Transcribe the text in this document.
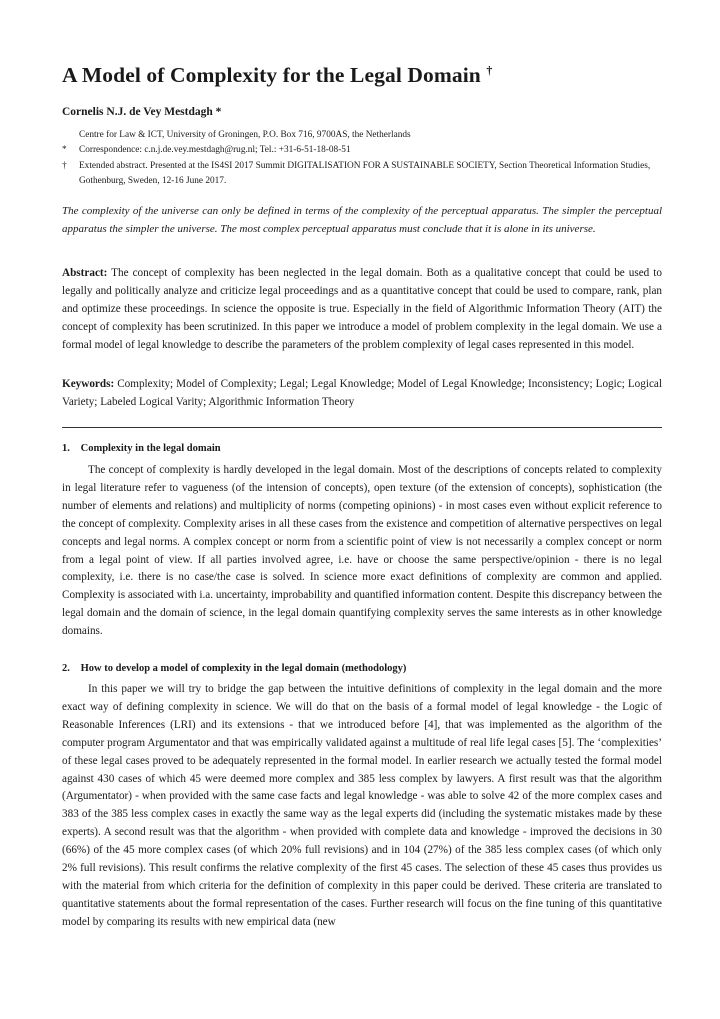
A Model of Complexity for the Legal Domain †
Cornelis N.J. de Vey Mestdagh *
Centre for Law & ICT, University of Groningen, P.O. Box 716, 9700AS, the Netherlands
*	Correspondence: c.n.j.de.vey.mestdagh@rug.nl; Tel.: +31-6-51-18-08-51
†	Extended abstract. Presented at the IS4SI 2017 Summit DIGITALISATION FOR A SUSTAINABLE SOCIETY, Section Theoretical Information Studies, Gothenburg, Sweden, 12-16 June 2017.
The complexity of the universe can only be defined in terms of the complexity of the perceptual apparatus. The simpler the perceptual apparatus the simpler the universe. The most complex perceptual apparatus must conclude that it is alone in its universe.
Abstract: The concept of complexity has been neglected in the legal domain. Both as a qualitative concept that could be used to legally and politically analyze and criticize legal proceedings and as a quantitative concept that could be used to compare, rank, plan and optimize these proceedings. In science the opposite is true. Especially in the field of Algorithmic Information Theory (AIT) the concept of complexity has been scrutinized. In this paper we introduce a model of problem complexity in the legal domain. We use a formal model of legal knowledge to describe the parameters of the problem complexity of legal cases represented in this model.
Keywords: Complexity; Model of Complexity; Legal; Legal Knowledge; Model of Legal Knowledge; Inconsistency; Logic; Logical Variety; Labeled Logical Varity; Algorithmic Information Theory
1. Complexity in the legal domain

The concept of complexity is hardly developed in the legal domain. Most of the descriptions of concepts related to complexity in legal literature refer to vagueness (of the intension of concepts), open texture (of the extension of concepts), sophistication (the number of elements and relations) and multiplicity of norms (competing opinions) - in most cases even without explicit reference to the concept of complexity. Complexity arises in all these cases from the existence and competition of alternative perspectives on legal concepts and legal norms. A complex concept or norm from a scientific point of view is not necessarily a complex concept or norm from a legal point of view. If all parties involved agree, i.e. have or choose the same perspective/opinion - there is no legal complexity, i.e. there is no case/the case is solved. In science more exact definitions of complexity are common and applied. Complexity is associated with i.a. uncertainty, improbability and quantified information content. Despite this discrepancy between the legal domain and the domain of science, in the legal domain quantifying complexity serves the same interests as in other knowledge domains.

2. How to develop a model of complexity in the legal domain (methodology)

In this paper we will try to bridge the gap between the intuitive definitions of complexity in the legal domain and the more exact way of defining complexity in science. We will do that on the basis of a formal model of legal knowledge - the Logic of Reasonable Inferences (LRI) and its extensions - that we introduced before [4], that was implemented as the algorithm of the computer program Argumentator and that was empirically validated against a multitude of real life legal cases [5]. The ‘complexities’ of these legal cases proved to be adequately represented in the formal model. In earlier research we actually tested the formal model against 430 cases of which 45 were deemed more complex and 385 less complex by lawyers. A first result was that the algorithm (Argumentator) - when provided with the same case facts and legal knowledge - was able to solve 42 of the more complex cases and 383 of the 385 less complex cases in exactly the same way as the legal experts did (including the systematic mistakes made by these experts). A second result was that the algorithm - when provided with complete data and knowledge - improved the decisions in 30 (66%) of the 45 more complex cases (of which 20% full revisions) and in 104 (27%) of the 385 less complex cases (of which only 2% full revisions). This result confirms the relative complexity of the first 45 cases. The selection of these 45 cases thus provides us with the material from which criteria for the definition of complexity in this paper could be derived. These criteria are translated to quantitative statements about the formal representation of the cases. Further research will focus on the fine tuning of this quantitative model by comparing its results with new empirical data (new
